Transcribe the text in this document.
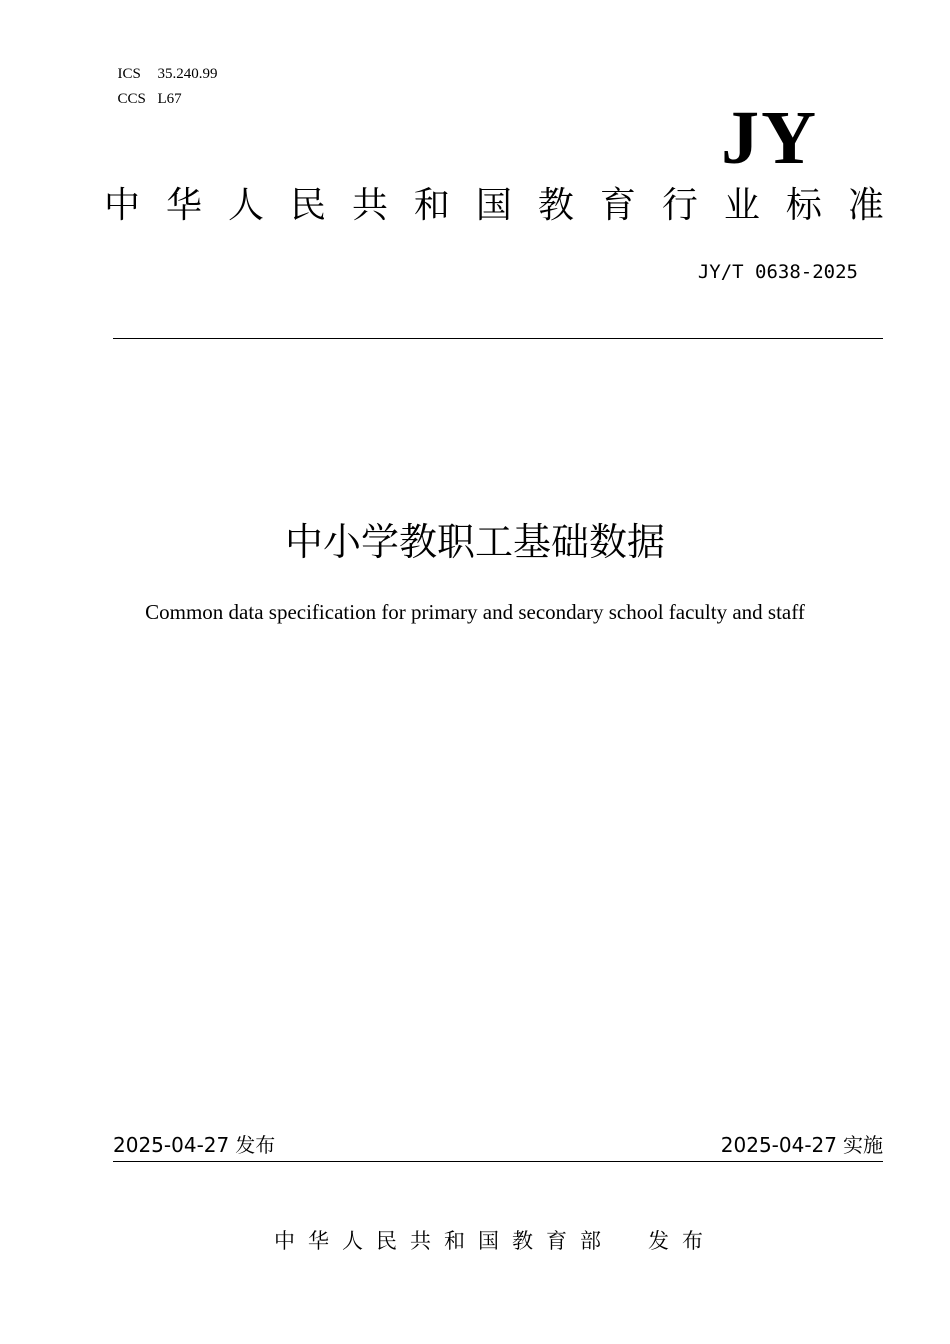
ICS 35.240.99

CCS L67	JY
中 华 人 民 共 和 国 教 育 行 业 标 准
JY/T 0638-2025
中小学教职工基础数据
Common data specification for primary and secondary school faculty and staff
2025-04-27 发布	2025-04-27 实施
中 华 人 民 共 和 国 教 育 部	发 布
